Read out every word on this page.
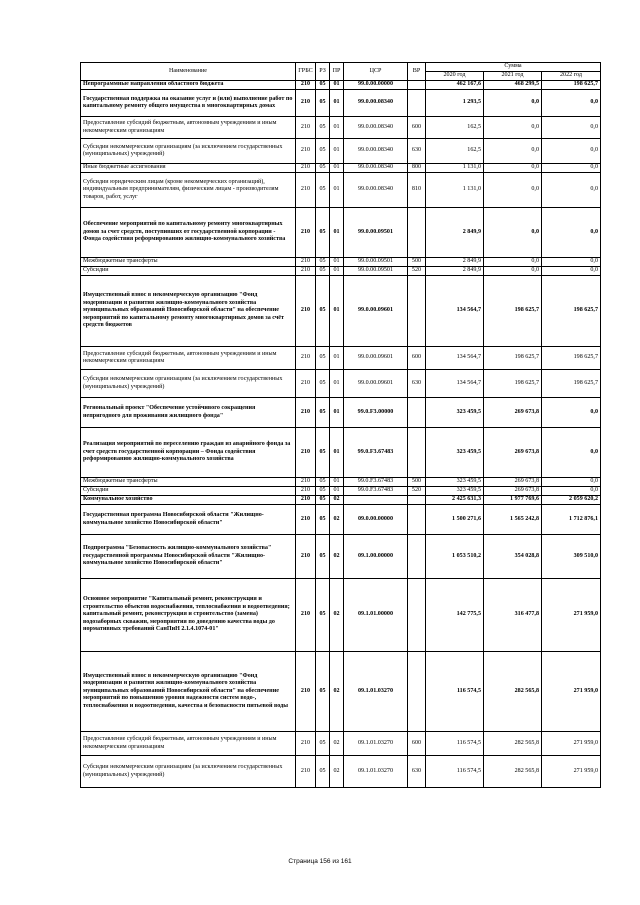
Наименование	ГРБС	РЗ	ПР	ЦСР	ВР	Сумма		
						2020 год	2021 год	2022 год
Непрограммные направления областного бюджета	210	05	01	99.0.00.00000		462 167,6	468 299,5	198 625,7
Государственная поддержка на оказание услуг и (или) выполнение работ по капитальному ремонту общего имущества в многоквартирных домах	210	05	01	99.0.00.08340		1 293,5	0,0	0,0
Предоставление субсидий бюджетным, автономным учреждениям и иным некоммерческим организациям	210	05	01	99.0.00.08340	600	162,5	0,0	0,0
Субсидии некоммерческим организациям (за исключением государственных (муниципальных) учреждений)	210	05	01	99.0.00.08340	630	162,5	0,0	0,0
Иные бюджетные ассигнования	210	05	01	99.0.00.08340	800	1 131,0	0,0	0,0
Субсидии юридическим лицам (кроме некоммерческих организаций), индивидуальным предпринимателям, физическим лицам - производителям товаров, работ, услуг	210	05	01	99.0.00.08340	810	1 131,0	0,0	0,0
Обеспечение мероприятий по капитальному ремонту многоквартирных домов за счет средств, поступивших от государственной корпорации - Фонда содействия реформированию жилищно-коммунального хозяйства	210	05	01	99.0.00.09501		2 849,9	0,0	0,0
Межбюджетные трансферты	210	05	01	99.0.00.09501	500	2 849,9	0,0	0,0
Субсидии	210	05	01	99.0.00.09501	520	2 849,9	0,0	0,0
Имущественный взнос в некоммерческую организацию "Фонд модернизации и развития жилищно-коммунального хозяйства муниципальных образований Новосибирской области" на обеспечение мероприятий по капитальному ремонту многоквартирных домов за счёт средств бюджетов	210	05	01	99.0.00.09601		134 564,7	198 625,7	198 625,7
Предоставление субсидий бюджетным, автономным учреждениям и иным некоммерческим организациям	210	05	01	99.0.00.09601	600	134 564,7	198 625,7	198 625,7
Субсидии некоммерческим организациям (за исключением государственных (муниципальных) учреждений)	210	05	01	99.0.00.09601	630	134 564,7	198 625,7	198 625,7
Региональный проект "Обеспечение устойчивого сокращения непригодного для проживания жилищного фонда"	210	05	01	99.0.F3.00000		323 459,5	269 673,8	0,0
Реализация мероприятий по переселению граждан из аварийного фонда за счет средств государственной корпорации – Фонда содействия реформированию жилищно-коммунального хозяйства	210	05	01	99.0.F3.67483		323 459,5	269 673,8	0,0
Межбюджетные трансферты	210	05	01	99.0.F3.67483	500	323 459,5	269 673,8	0,0
Субсидии	210	05	01	99.0.F3.67483	520	323 459,5	269 673,8	0,0
Коммунальное хозяйство	210	05	02			2 425 631,3	1 977 769,6	2 059 620,2
Государственная программа Новосибирской области "Жилищно-коммунальное хозяйство Новосибирской области"	210	05	02	09.0.00.00000		1 500 271,6	1 565 242,8	1 712 876,1
Подпрограмма "Безопасность жилищно-коммунального хозяйства" государственной программы Новосибирской области "Жилищно-коммунальное хозяйство Новосибирской области"	210	05	02	09.1.00.00000		1 053 510,2	354 028,8	309 510,0
Основное мероприятие "Капитальный ремонт, реконструкция и строительство объектов водоснабжения, теплоснабжения и водоотведения; капитальный ремонт, реконструкция и строительство (замена) водозаборных скважин, мероприятия по доведению качества воды до нормативных требований СанПиН 2.1.4.1074-01"	210	05	02	09.1.01.00000		142 775,5	316 477,8	271 959,0
Имущественный взнос в некоммерческую организацию "Фонд модернизации и развития жилищно-коммунального хозяйства муниципальных образований Новосибирской области" на обеспечение мероприятий по повышению уровня надежности систем водо-, теплоснабжения и водоотведения, качества и безопасности питьевой воды	210	05	02	09.1.01.03270		116 574,5	282 565,8	271 959,0
Предоставление субсидий бюджетным, автономным учреждениям и иным некоммерческим организациям	210	05	02	09.1.01.03270	600	116 574,5	282 565,8	271 959,0
Субсидии некоммерческим организациям (за исключением государственных (муниципальных) учреждений)	210	05	02	09.1.01.03270	630	116 574,5	282 565,8	271 959,0
Страница 156 из 161
